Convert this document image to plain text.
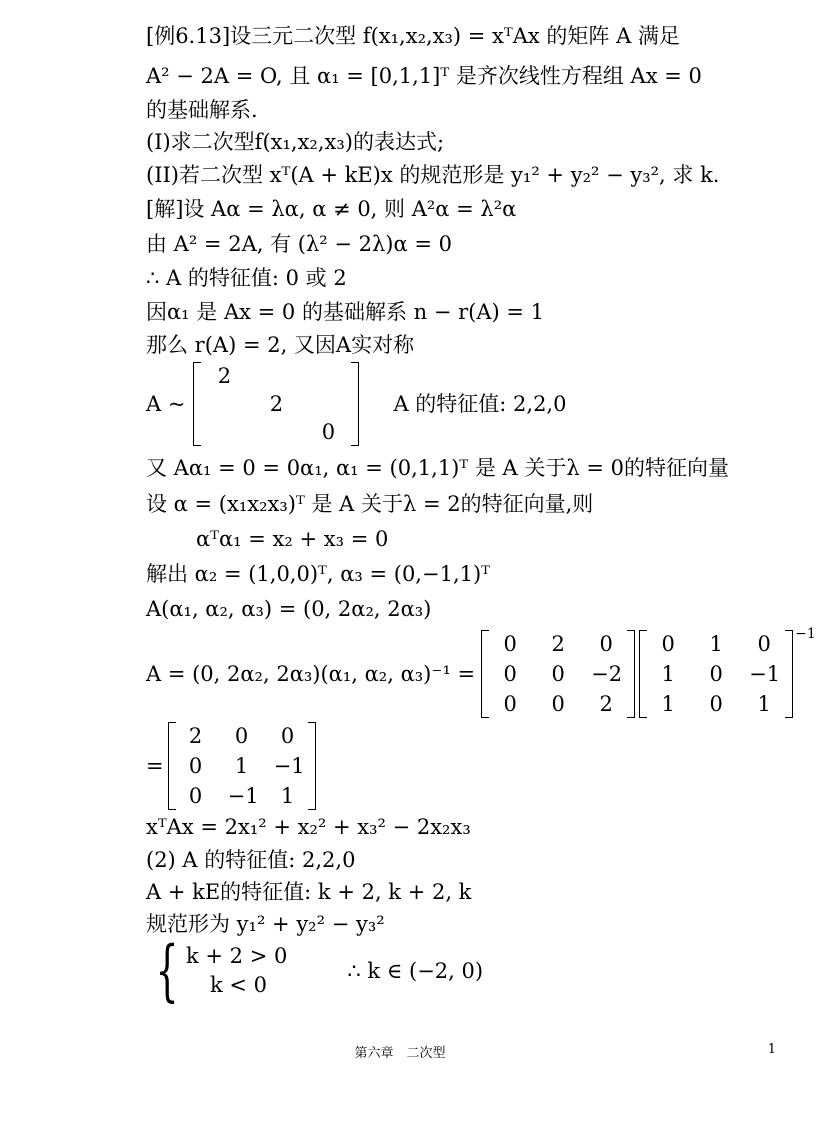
[例6.13]设三元二次型 f(x₁,x₂,x₃) = xᵀAx 的矩阵 A 满足
A² − 2A = O, 且 α₁ = [0,1,1]ᵀ 是齐次线性方程组 Ax = 0
的基础解系.
(I)求二次型f(x₁,x₂,x₃)的表达式;
(II)若二次型 xᵀ(A + kE)x 的规范形是 y₁² + y₂² − y₃², 求 k.
[解]设 Aα = λα, α ≠ 0, 则 A²α = λ²α
由 A² = 2A, 有 (λ² − 2λ)α = 0
∴ A 的特征值: 0 或 2
因α₁ 是 Ax = 0 的基础解系 n − r(A) = 1
那么 r(A) = 2, 又因A实对称
A ~
2
2
0
A 的特征值: 2,2,0
又 Aα₁ = 0 = 0α₁, α₁ = (0,1,1)ᵀ 是 A 关于λ = 0的特征向量
设 α = (x₁x₂x₃)ᵀ 是 A 关于λ = 2的特征向量,则
αᵀα₁ = x₂ + x₃ = 0
解出 α₂ = (1,0,0)ᵀ, α₃ = (0,−1,1)ᵀ
A(α₁, α₂, α₃) = (0, 2α₂, 2α₃)
A = (0, 2α₂, 2α₃)(α₁, α₂, α₃)⁻¹ =
0	2	0
0	0	−2
0	0	2
0	1	0
1	0	−1
1	0	1
−1
=
2	0	0
0	1	−1
0	−1	1
xᵀAx = 2x₁² + x₂² + x₃² − 2x₂x₃
(2) A 的特征值: 2,2,0
A + kE的特征值: k + 2, k + 2, k
规范形为 y₁² + y₂² − y₃²
{ k + 2 > 0
k < 0
∴ k ∈ (−2, 0)
第六章　二次型	1
